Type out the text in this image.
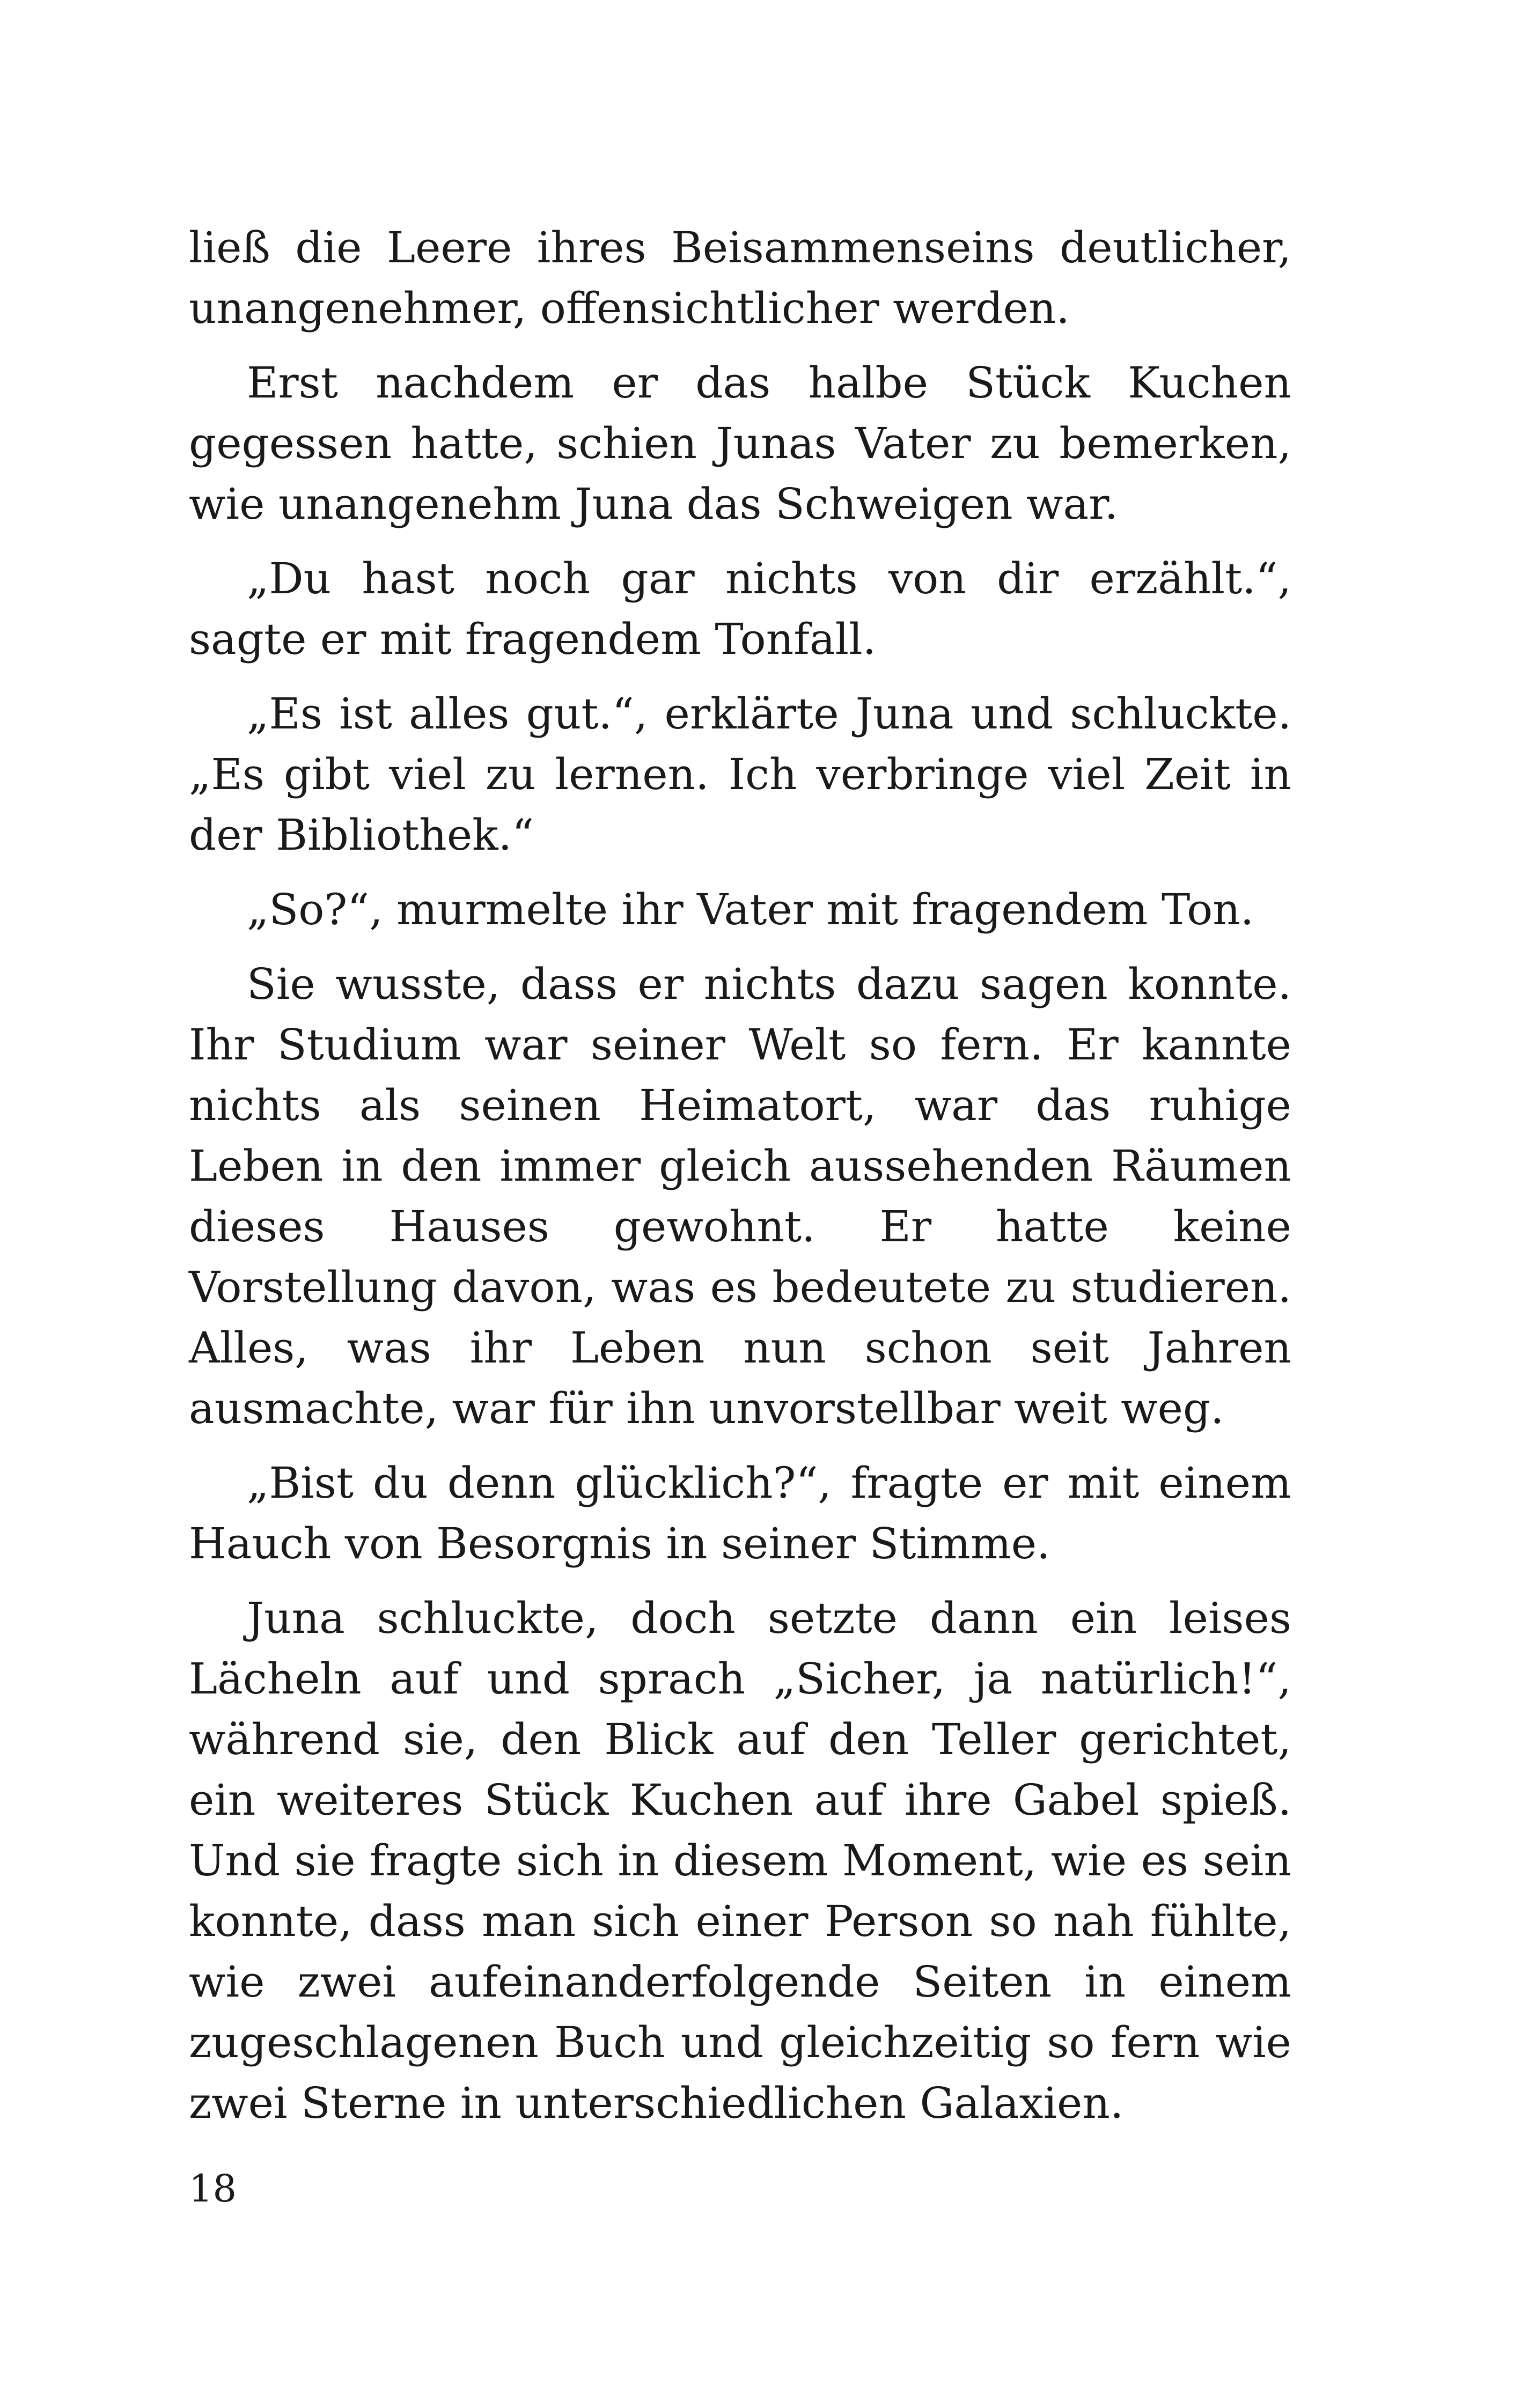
ließ die Leere ihres Beisammenseins deutlicher, unangenehmer, offensichtlicher werden.

Erst nachdem er das halbe Stück Kuchen gegessen hatte, schien Junas Vater zu bemerken, wie unangenehm Juna das Schweigen war.

„Du hast noch gar nichts von dir erzählt.“, sagte er mit fragendem Tonfall.

„Es ist alles gut.“, erklärte Juna und schluckte. „Es gibt viel zu lernen. Ich verbringe viel Zeit in der Bibliothek.“

„So?“, murmelte ihr Vater mit fragendem Ton.

Sie wusste, dass er nichts dazu sagen konnte. Ihr Studium war seiner Welt so fern. Er kannte nichts als seinen Heimatort, war das ruhige Leben in den immer gleich aussehenden Räumen dieses Hauses gewohnt. Er hatte keine Vorstellung davon, was es bedeutete zu studieren. Alles, was ihr Leben nun schon seit Jahren ausmachte, war für ihn unvorstellbar weit weg.

„Bist du denn glücklich?“, fragte er mit einem Hauch von Besorgnis in seiner Stimme.

Juna schluckte, doch setzte dann ein leises Lächeln auf und sprach „Sicher, ja natürlich!“, während sie, den Blick auf den Teller gerichtet, ein weiteres Stück Kuchen auf ihre Gabel spieß. Und sie fragte sich in diesem Moment, wie es sein konnte, dass man sich einer Person so nah fühlte, wie zwei aufeinanderfolgende Seiten in einem zugeschlagenen Buch und gleichzeitig so fern wie zwei Sterne in unterschiedlichen Galaxien.

18
